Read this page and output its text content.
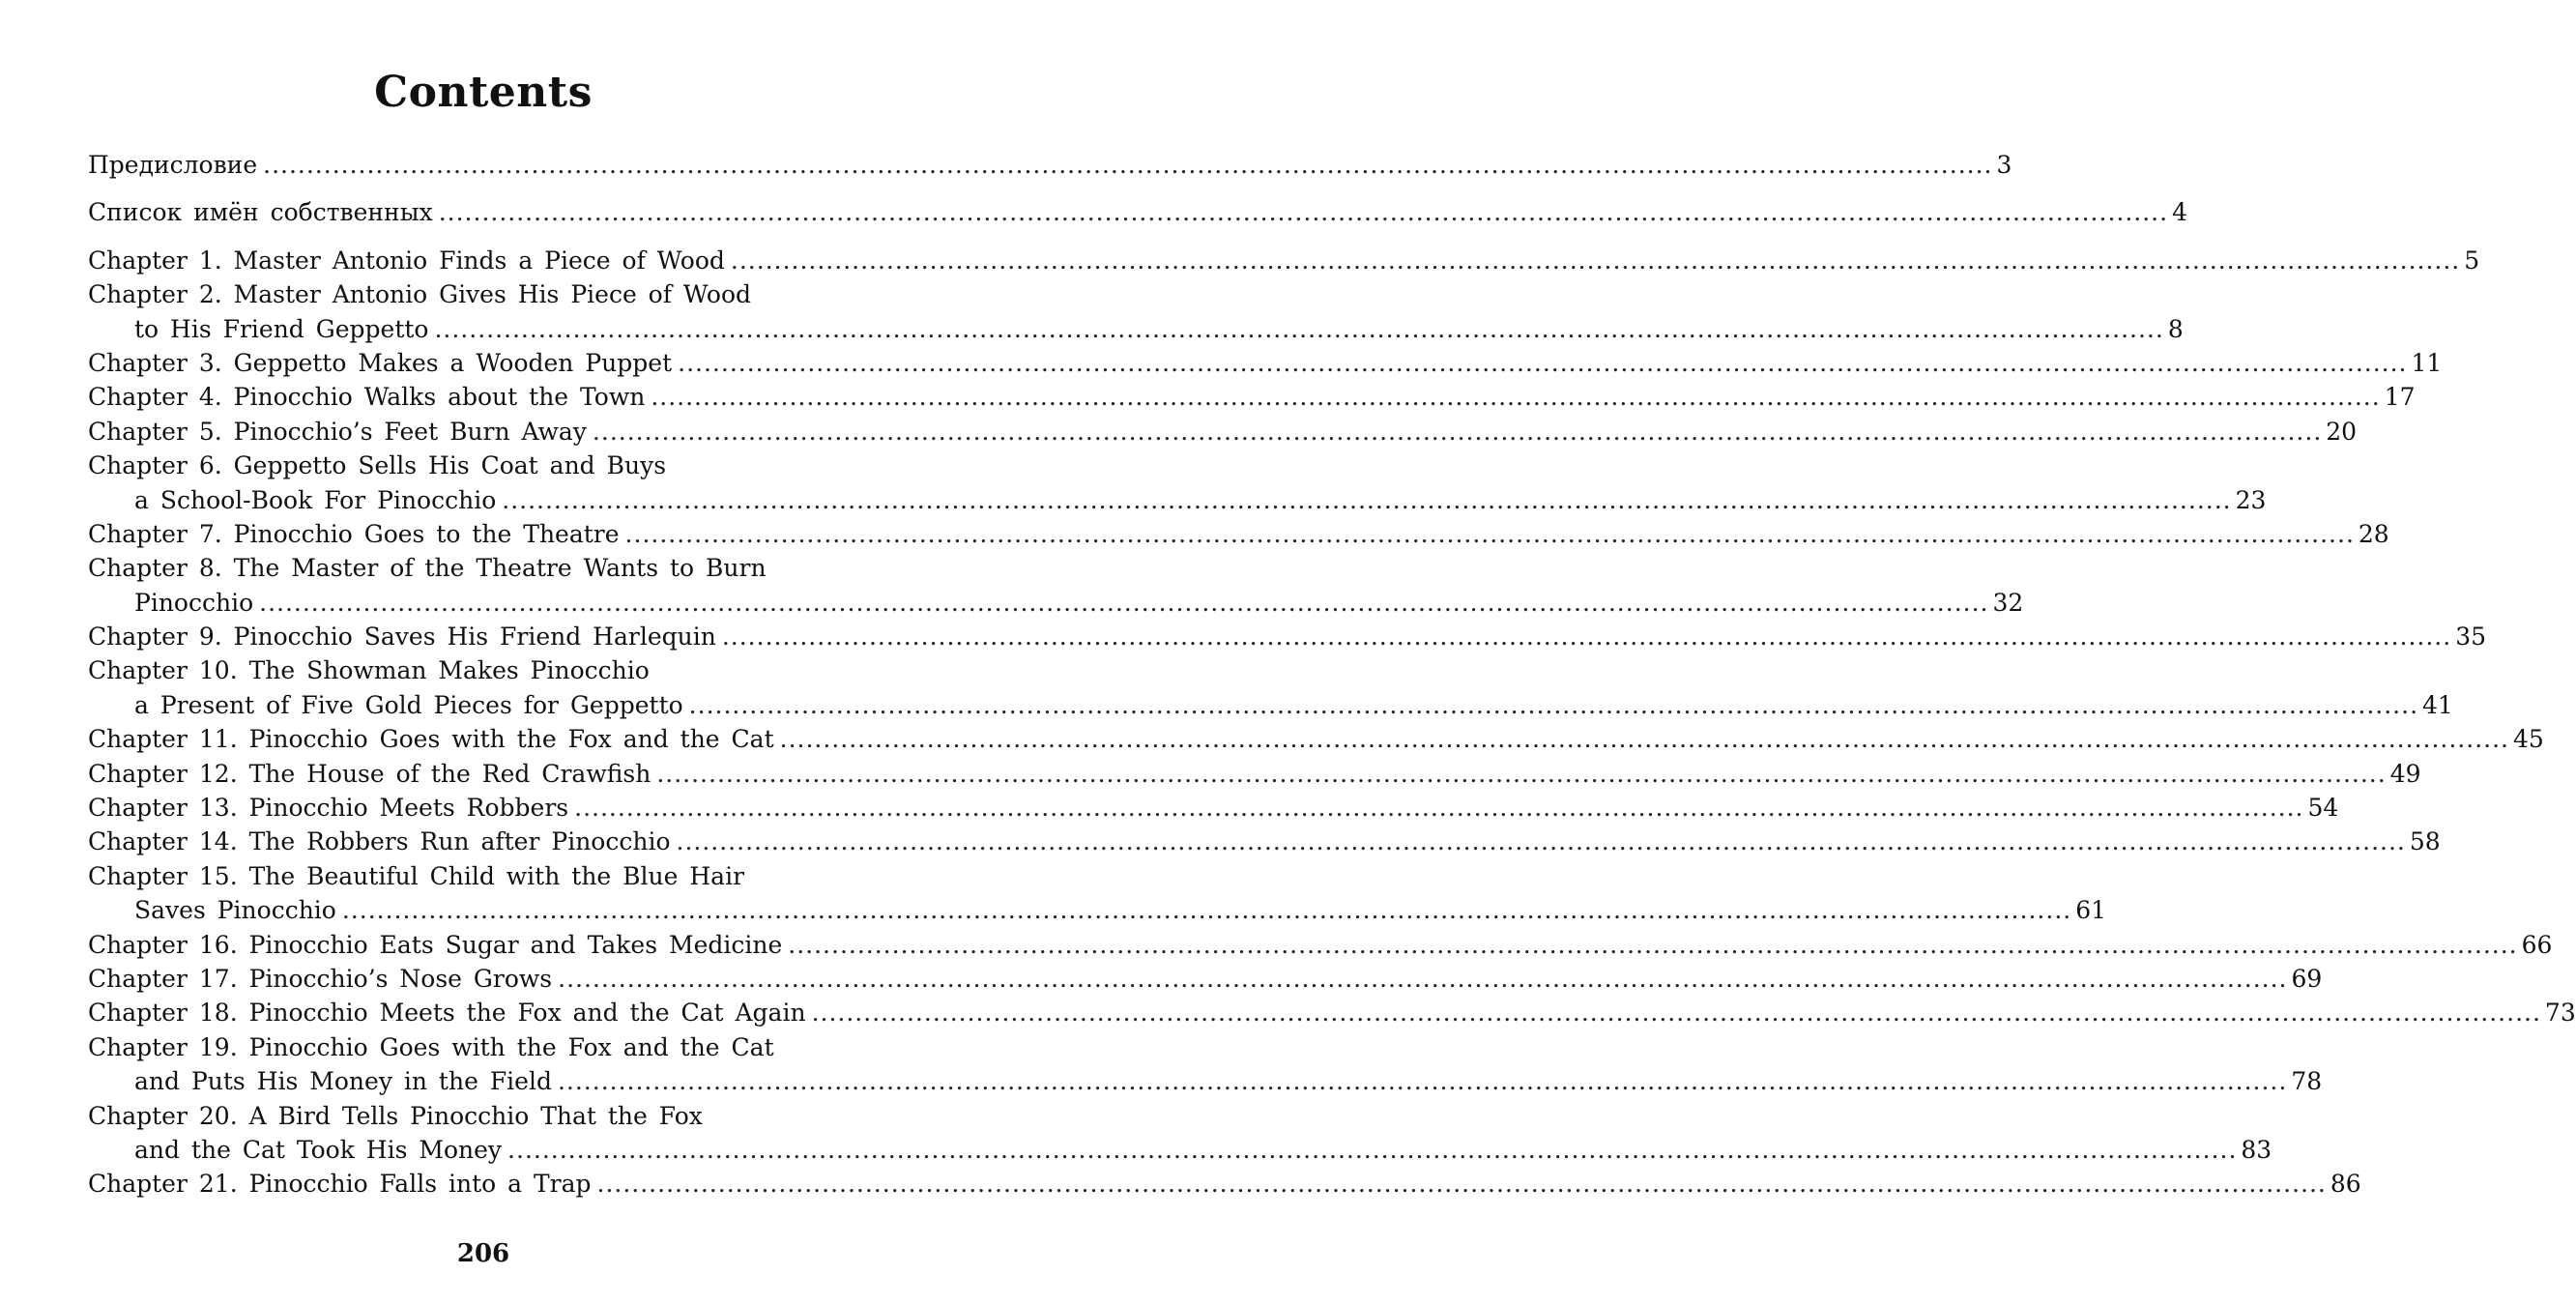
Contents
Предисловие ........................................................................................................................................................................................................ 3
Список имён собственных ........................................................................................................................................................................................................ 4
Chapter 1. Master Antonio Finds a Piece of Wood ........................................................................................................................................................................................................ 5
Chapter 2. Master Antonio Gives His Piece of Wood
to His Friend Geppetto ........................................................................................................................................................................................................ 8
Chapter 3. Geppetto Makes a Wooden Puppet ........................................................................................................................................................................................................ 11
Chapter 4. Pinocchio Walks about the Town ........................................................................................................................................................................................................ 17
Chapter 5. Pinocchio’s Feet Burn Away ........................................................................................................................................................................................................ 20
Chapter 6. Geppetto Sells His Coat and Buys
a School-Book For Pinocchio ........................................................................................................................................................................................................ 23
Chapter 7. Pinocchio Goes to the Theatre ........................................................................................................................................................................................................ 28
Chapter 8. The Master of the Theatre Wants to Burn
Pinocchio ........................................................................................................................................................................................................ 32
Chapter 9. Pinocchio Saves His Friend Harlequin ........................................................................................................................................................................................................ 35
Chapter 10. The Showman Makes Pinocchio
a Present of Five Gold Pieces for Geppetto ........................................................................................................................................................................................................ 41
Chapter 11. Pinocchio Goes with the Fox and the Cat ........................................................................................................................................................................................................ 45
Chapter 12. The House of the Red Crawfish ........................................................................................................................................................................................................ 49
Chapter 13. Pinocchio Meets Robbers ........................................................................................................................................................................................................ 54
Chapter 14. The Robbers Run after Pinocchio ........................................................................................................................................................................................................ 58
Chapter 15. The Beautiful Child with the Blue Hair
Saves Pinocchio ........................................................................................................................................................................................................ 61
Chapter 16. Pinocchio Eats Sugar and Takes Medicine ........................................................................................................................................................................................................ 66
Chapter 17. Pinocchio’s Nose Grows ........................................................................................................................................................................................................ 69
Chapter 18. Pinocchio Meets the Fox and the Cat Again ........................................................................................................................................................................................................ 73
Chapter 19. Pinocchio Goes with the Fox and the Cat
and Puts His Money in the Field ........................................................................................................................................................................................................ 78
Chapter 20. A Bird Tells Pinocchio That the Fox
and the Cat Took His Money ........................................................................................................................................................................................................ 83
Chapter 21. Pinocchio Falls into a Trap ........................................................................................................................................................................................................ 86

206
